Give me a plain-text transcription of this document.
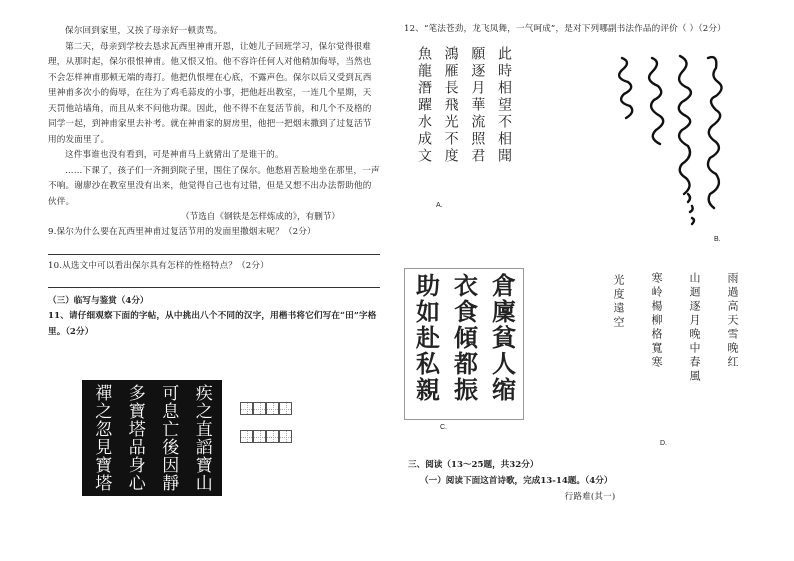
保尔回到家里，又挨了母亲好一顿责骂。

第二天，母亲到学校去恳求瓦西里神甫开恩，让她儿子回班学习，保尔觉得很难理，从那时起，保尔很恨神甫。他又恨又怕。他不容许任何人对他稍加侮辱，当然也不会怎样神甫那顿无端的毒打。他把仇恨埋在心底，不露声色。保尔以后又受到瓦西里神甫多次小的侮辱，在往为了鸡毛蒜皮的小事，把他赶出教室，一连几个星期，天天罚他站墙角，而且从来不问他功课。因此，他不得不在复活节前，和几个不及格的同学一起，到神甫家里去补考。就在神甫家的厨房里，他把一把烟末撒到了过复活节用的发面里了。

这件事谁也没有看到，可是神甫马上就猜出了是谁干的。

……下课了，孩子们一齐拥到院子里，围住了保尔。他愁眉苦脸地坐在那里，一声不响。谢廖沙在教室里没有出来，他觉得自己也有过错，但是又想不出办法帮助他的伙伴。

（节选自《钢铁是怎样炼成的》，有删节）

9.保尔为什么要在瓦西里神甫过复活节用的发面里撒烟末呢？（2分）

10.从选文中可以看出保尔具有怎样的性格特点？（2分）

（三）临写与鉴赏（4分）

11、请仔细观察下面的字帖，从中挑出八个不同的汉字，用楷书将它们写在“田”字格里。（2分）

疾之直謟寶山
可息亡後因靜
多寶塔品身心
禪之忽見寶塔

12、“笔法苍劲，龙飞凤舞，一气呵成”，是对下列哪副书法作品的评价（ ）（2分）

此時相望不相聞
願逐月華流照君
鴻雁長飛光不度
魚龍潛躍水成文
A.
B.
倉廩貧人缩
衣食傾都振
助如赴私親
C.
雨過高天雪晚红
山迴逐月晚中春風
寒岭楊柳格寬寒
光度遠空
D.

三、阅读（13～25题，共32分）

（一）阅读下面这首诗歌，完成13-14题。（4分）

行路难(其一)
